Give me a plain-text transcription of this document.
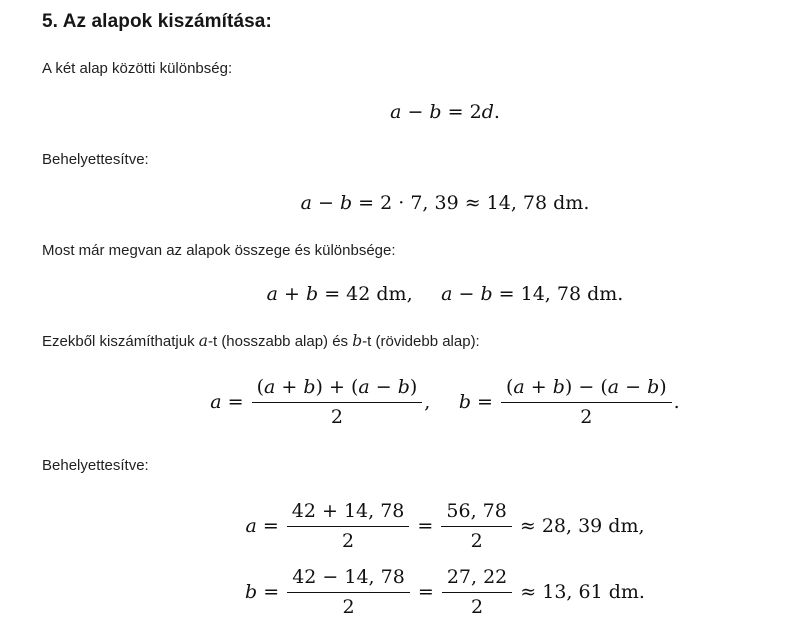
5. Az alapok kiszámítása:

A két alap közötti különbség:

a − b = 2d.

Behelyettesítve:

a − b = 2 · 7, 39 ≈ 14, 78 dm.

Most már megvan az alapok összege és különbsége:

a + b = 42 dm, a − b = 14, 78 dm.

Ezekből kiszámíthatjuk a-t (hosszabb alap) és b-t (rövidebb alap):

$a = \frac{(a + b) + (a - b)}{2}$ , $b = \frac{(a + b) - (a - b)}{2}$ .

Behelyettesítve:

$a = \frac{42 + 14, 78}{2} = \frac{56, 78}{2} \approx 28$, 39 dm,
$b = \frac{42 - 14, 78}{2} = \frac{27, 22}{2} \approx 13$, 61 dm.
